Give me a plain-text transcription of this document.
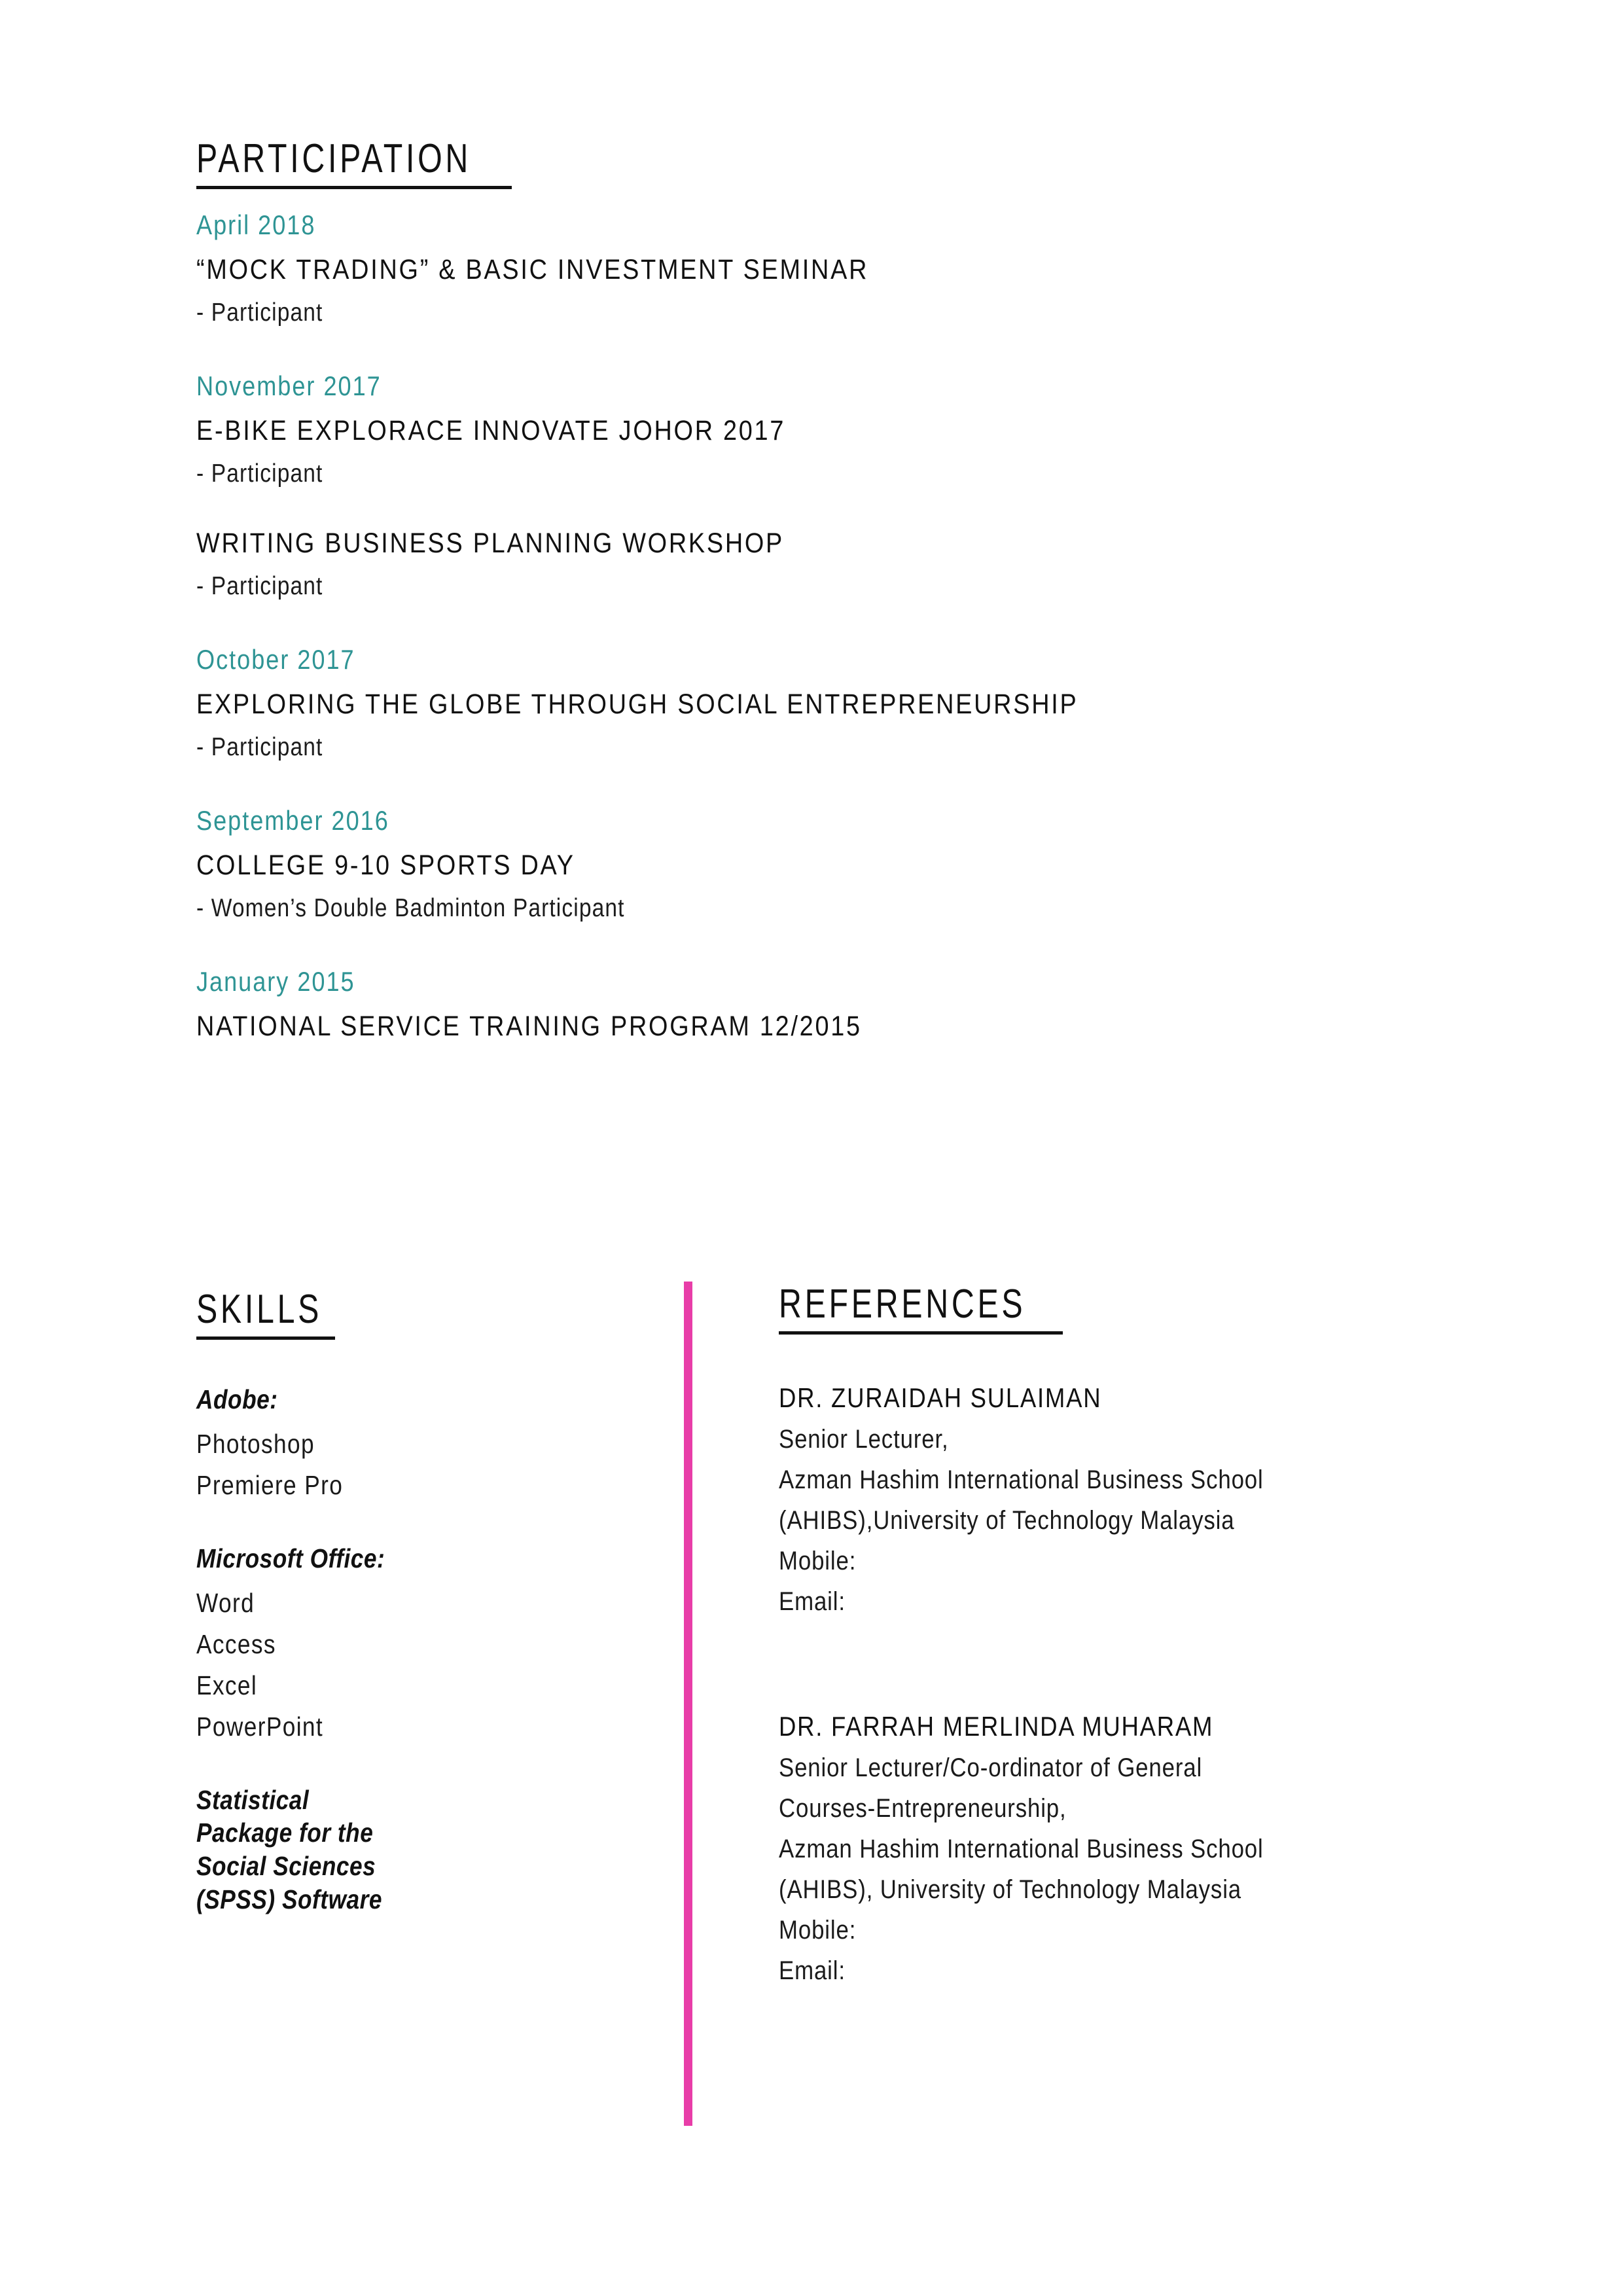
PARTICIPATION
April 2018
“MOCK TRADING” & BASIC INVESTMENT SEMINAR
- Participant
November 2017
E-BIKE EXPLORACE INNOVATE JOHOR 2017
- Participant
WRITING BUSINESS PLANNING WORKSHOP
- Participant
October 2017
EXPLORING THE GLOBE THROUGH SOCIAL ENTREPRENEURSHIP
- Participant
September 2016
COLLEGE 9-10 SPORTS DAY
- Women’s Double Badminton Participant
January 2015
NATIONAL SERVICE TRAINING PROGRAM 12/2015
SKILLS
Adobe:
Photoshop
Premiere Pro
Microsoft Office:
Word
Access
Excel
PowerPoint
Statistical Package for the Social Sciences (SPSS) Software
REFERENCES
DR. ZURAIDAH SULAIMAN
Senior Lecturer,
Azman Hashim International Business School
(AHIBS),University of Technology Malaysia
Mobile:
Email:
DR. FARRAH MERLINDA MUHARAM
Senior Lecturer/Co-ordinator of General
Courses-Entrepreneurship,
Azman Hashim International Business School
(AHIBS), University of Technology Malaysia
Mobile:
Email:
